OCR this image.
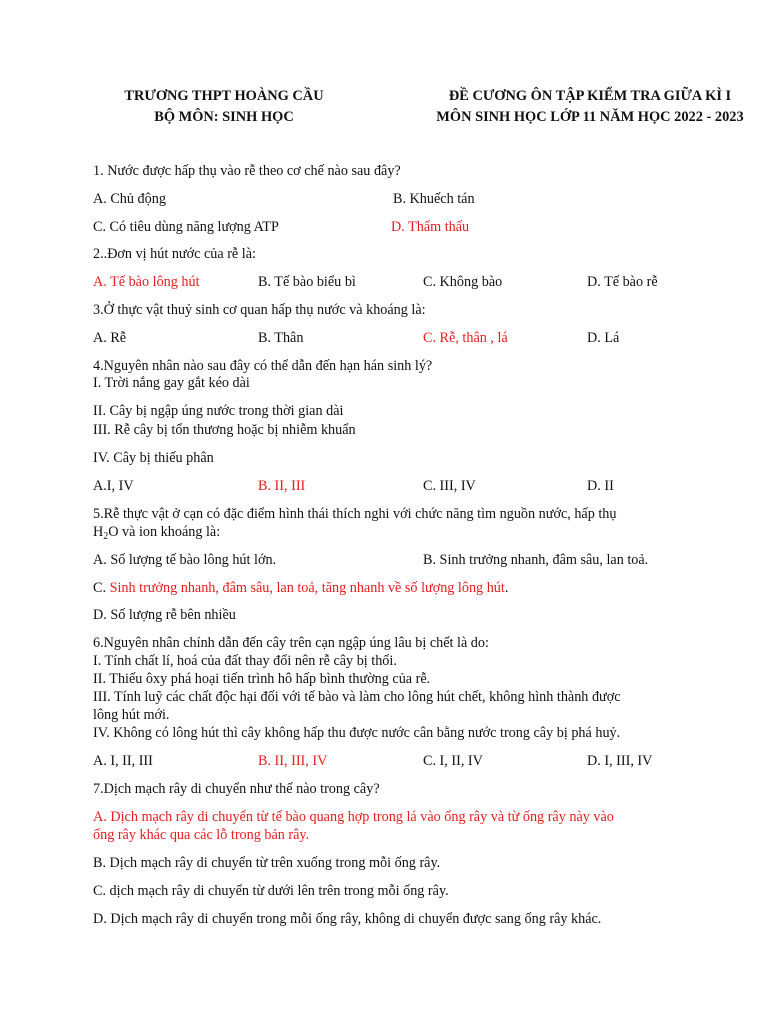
TRƯƠNG THPT HOÀNG CẦU
BỘ MÔN: SINH HỌC
ĐỀ CƯƠNG ÔN TẬP KIỂM TRA GIỮA KÌ I
MÔN SINH HỌC LỚP 11 NĂM HỌC 2022 - 2023
1. Nước được hấp thụ vào rễ theo cơ chế nào sau đây?
A. Chủ động	B. Khuếch tán
C. Có tiêu dùng năng lượng ATP	D. Thẩm thấu
2..Đơn vị hút nước của rễ là:
A. Tế bào lông hút	B. Tế bào biểu bì	C. Không bào	D. Tế bào rễ
3.Ở thực vật thuỷ sinh cơ quan hấp thụ nước và khoáng là:
A. Rễ	B. Thân	C. Rễ, thân , lá	D. Lá
4.Nguyên nhân nào sau đây có thể dẫn đến hạn hán sinh lý?
I. Trời nắng gay gắt kéo dài
II. Cây bị ngập úng nước trong thời gian dài
III. Rễ cây bị tổn thương hoặc bị nhiễm khuẩn
IV. Cây bị thiếu phân
A.I, IV	B. II, III	C. III, IV	D. II
5.Rễ thực vật ở cạn có đặc điểm hình thái thích nghi với chức năng tìm nguồn nước, hấp thụ
$H_2O$ và ion khoáng là:
A. Số lượng tế bào lông hút lớn.	B. Sinh trưởng nhanh, đâm sâu, lan toả.
C. Sinh trưởng nhanh, đâm sâu, lan toả, tăng nhanh về số lượng lông hút.
D. Số lượng rễ bên nhiều
6.Nguyên nhân chính dẫn đến cây trên cạn ngập úng lâu bị chết là do:
I. Tính chất lí, hoá của đất thay đổi nên rễ cây bị thối.
II. Thiếu ôxy phá hoại tiến trình hô hấp bình thường của rễ.
III. Tính luỹ các chất độc hại đối với tế bào và làm cho lông hút chết, không hình thành được
lông hút mới.
IV. Không có lông hút thì cây không hấp thu được nước cân bằng nước trong cây bị phá huỷ.
A. I, II, III	B. II, III, IV	C. I, II, IV	D. I, III, IV
7.Dịch mạch rây di chuyển như thế nào trong cây?
A. Dịch mạch rây di chuyển từ tế bào quang hợp trong lá vào ống rây và từ ống rây này vào
ống rây khác qua các lỗ trong bản rây.
B. Dịch mạch rây di chuyển từ trên xuống trong mỗi ống rây.
C. dịch mạch rây di chuyển từ dưới lên trên trong mỗi ống rây.
D. Dịch mạch rây di chuyển trong mỗi ống rây, không di chuyển được sang ống rây khác.
